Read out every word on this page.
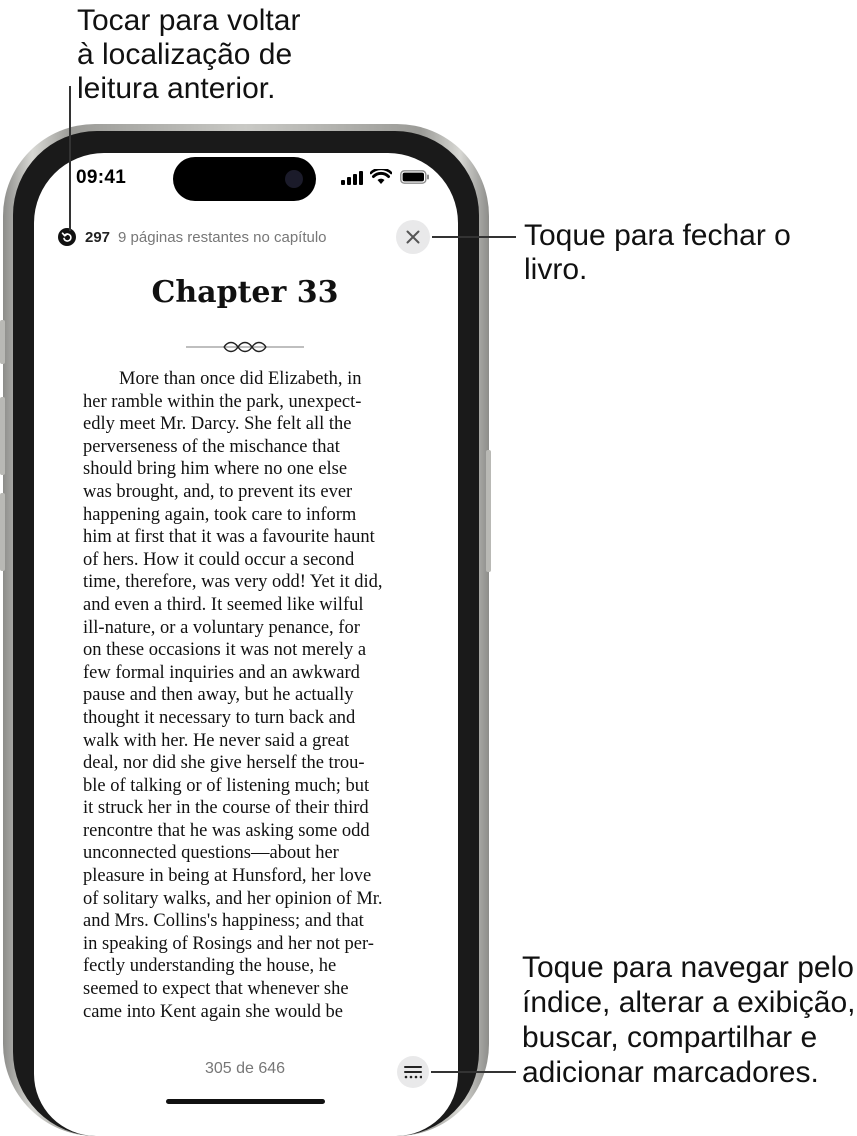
Tocar para voltar
à localização de
leitura anterior.
Toque para fechar o livro.
Toque para navegar pelo
índice, alterar a exibição,
buscar, compartilhar e
adicionar marcadores.
09:41
297 9 páginas restantes no capítulo
Chapter 33
More than once did Elizabeth, in
her ramble within the park, unexpect-
edly meet Mr. Darcy. She felt all the
perverseness of the mischance that
should bring him where no one else
was brought, and, to prevent its ever
happening again, took care to inform
him at first that it was a favourite haunt
of hers. How it could occur a second
time, therefore, was very odd! Yet it did,
and even a third. It seemed like wilful
ill-nature, or a voluntary penance, for
on these occasions it was not merely a
few formal inquiries and an awkward
pause and then away, but he actually
thought it necessary to turn back and
walk with her. He never said a great
deal, nor did she give herself the trou-
ble of talking or of listening much; but
it struck her in the course of their third
rencontre that he was asking some odd
unconnected questions—about her
pleasure in being at Hunsford, her love
of solitary walks, and her opinion of Mr.
and Mrs. Collins's happiness; and that
in speaking of Rosings and her not per-
fectly understanding the house, he
seemed to expect that whenever she
came into Kent again she would be
305 de 646
